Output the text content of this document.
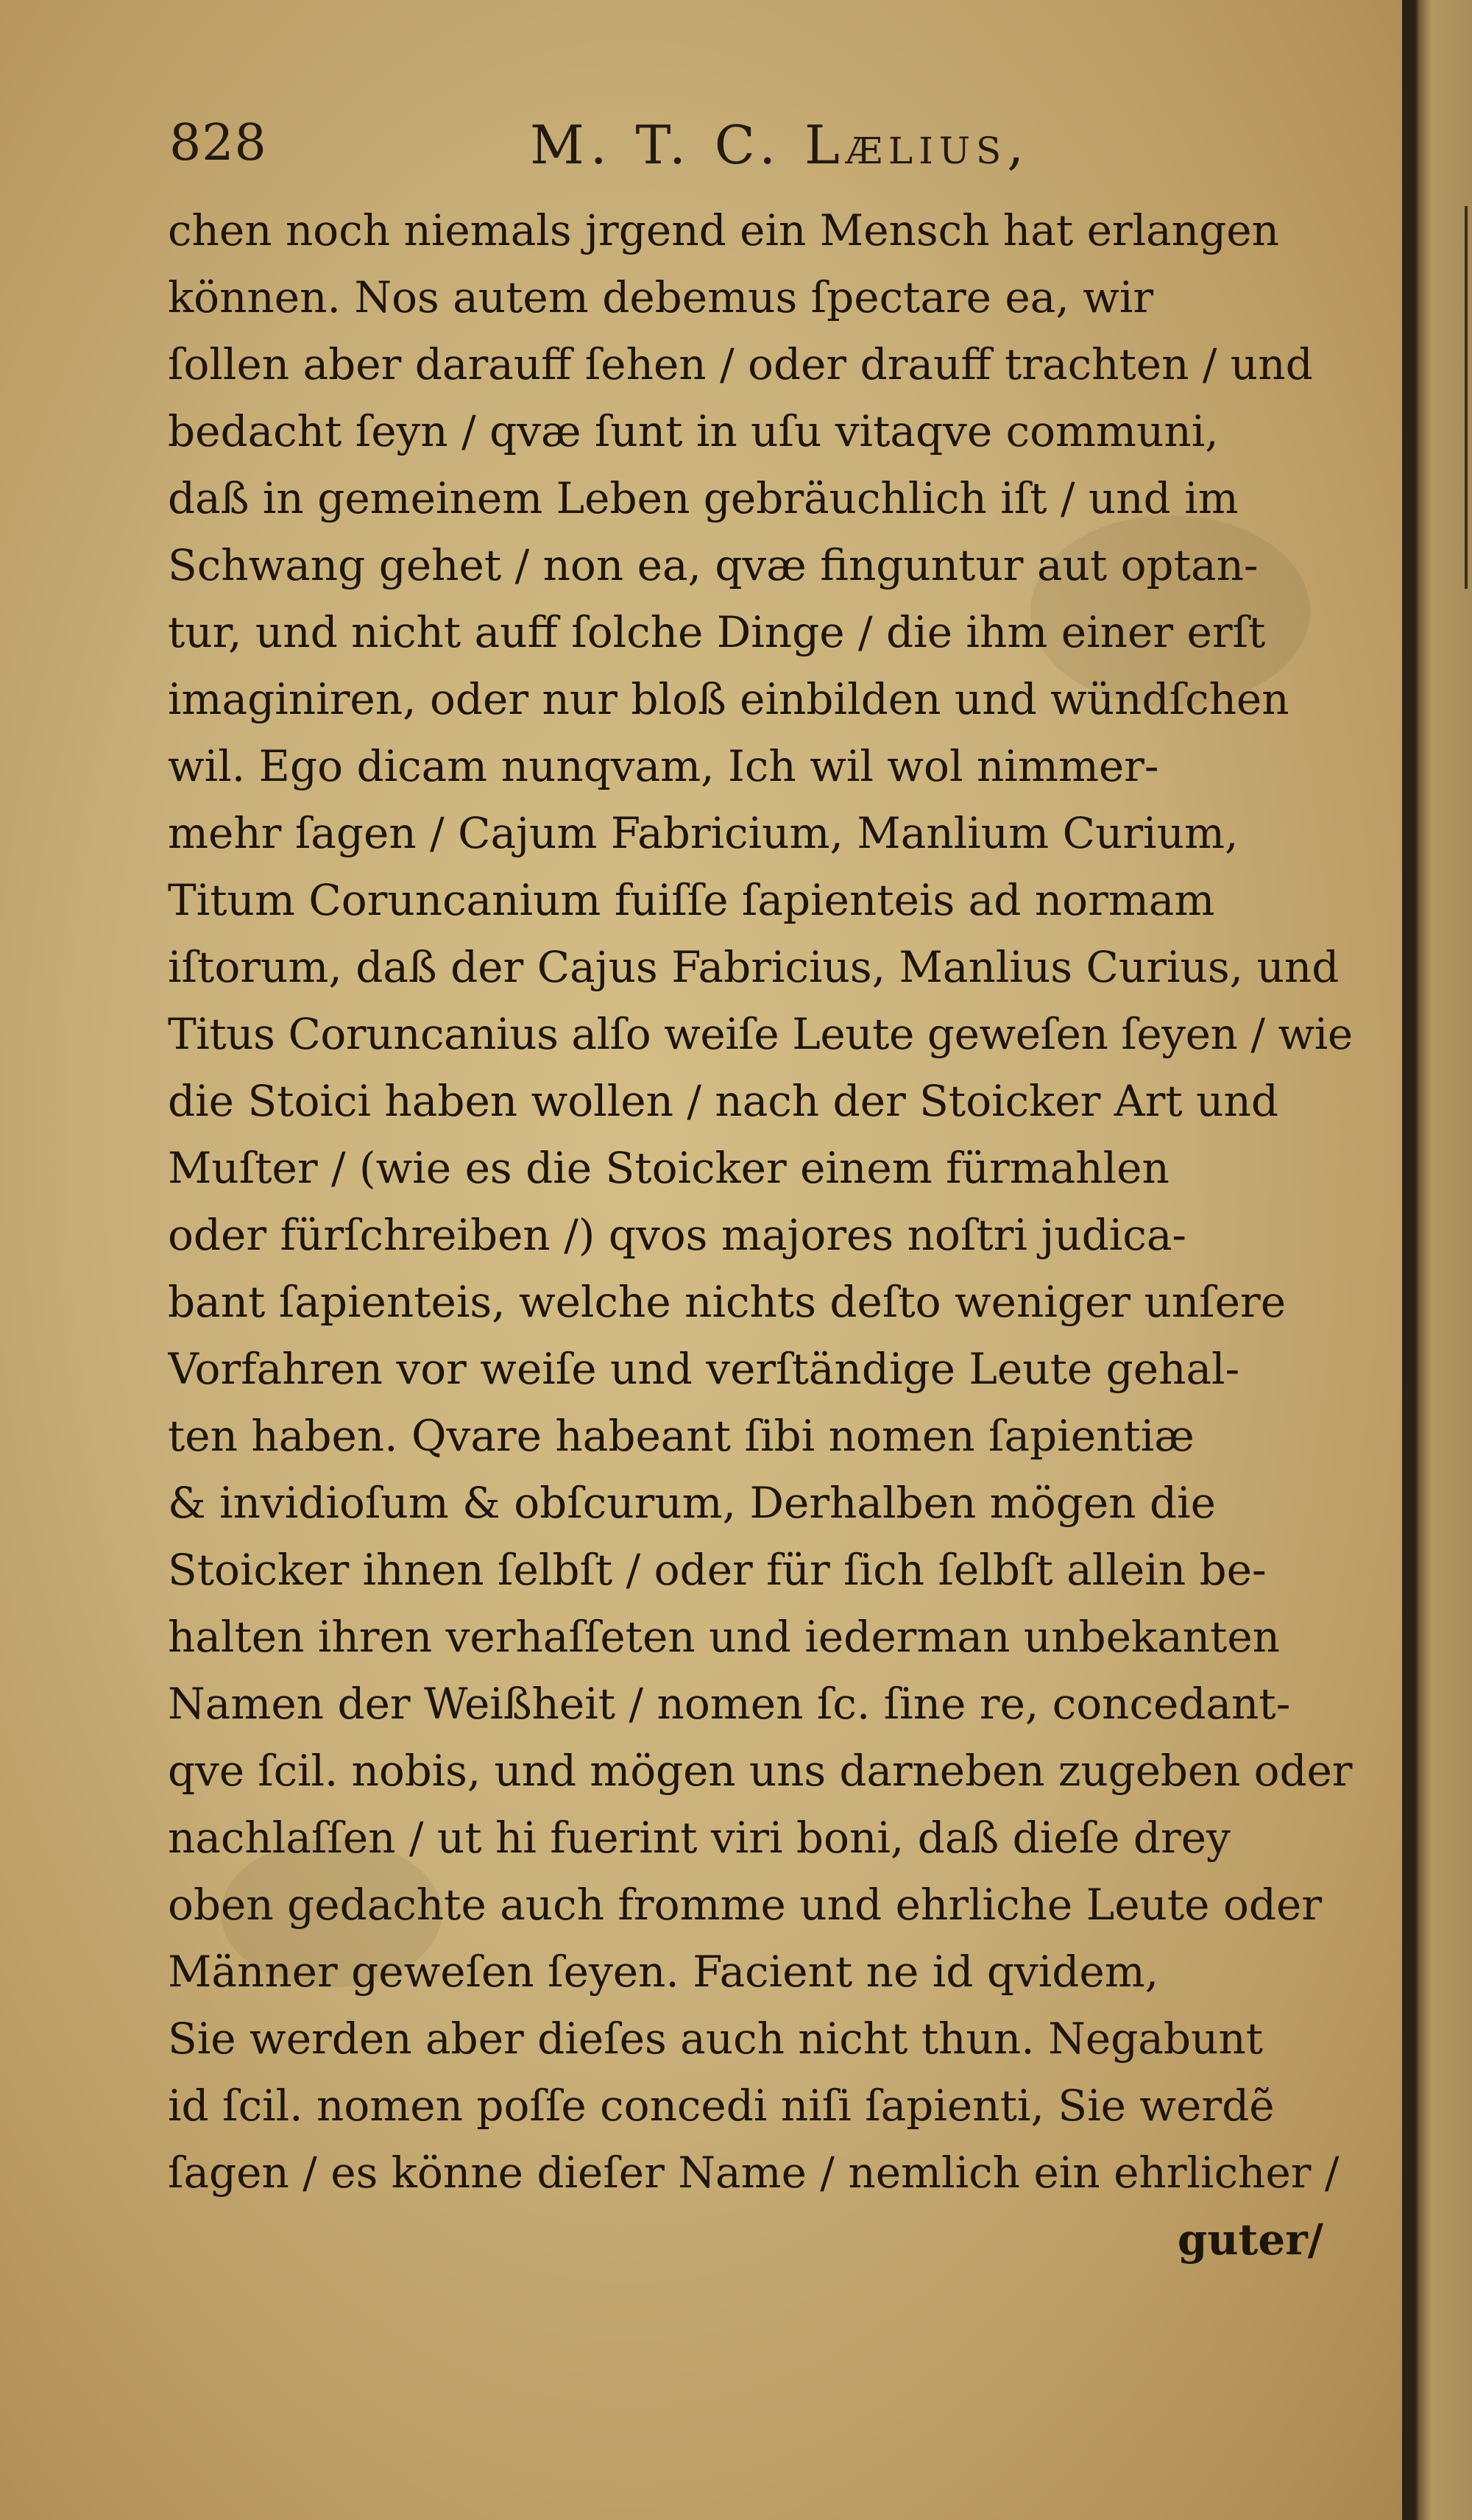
828	M. T. C. Lælius,
chen noch niemals jrgend ein Mensch hat erlangen
können. Nos autem debemus ſpectare ea, wir
ſollen aber darauff ſehen / oder drauff trachten / und
bedacht ſeyn / qvæ ſunt in uſu vitaqve communi,
daß in gemeinem Leben gebräuchlich iſt / und im
Schwang gehet / non ea, qvæ finguntur aut optan-
tur, und nicht auff ſolche Dinge / die ihm einer erſt
imaginiren, oder nur bloß einbilden und wündſchen
wil. Ego dicam nunqvam, Ich wil wol nimmer-
mehr ſagen / Cajum Fabricium, Manlium Curium,
Titum Coruncanium fuiſſe ſapienteis ad normam
iſtorum, daß der Cajus Fabricius, Manlius Curius, und
Titus Coruncanius alſo weiſe Leute geweſen ſeyen / wie
die Stoici haben wollen / nach der Stoicker Art und
Muſter / (wie es die Stoicker einem fürmahlen
oder fürſchreiben /) qvos majores noſtri judica-
bant ſapienteis, welche nichts deſto weniger unſere
Vorfahren vor weiſe und verſtändige Leute gehal-
ten haben. Qvare habeant ſibi nomen ſapientiæ
& invidioſum & obſcurum, Derhalben mögen die
Stoicker ihnen ſelbſt / oder für ſich ſelbſt allein be-
halten ihren verhaſſeten und iederman unbekanten
Namen der Weißheit / nomen ſc. ſine re, concedant-
qve ſcil. nobis, und mögen uns darneben zugeben oder
nachlaſſen / ut hi fuerint viri boni, daß dieſe drey
oben gedachte auch fromme und ehrliche Leute oder
Männer geweſen ſeyen. Facient ne id qvidem,
Sie werden aber dieſes auch nicht thun. Negabunt
id ſcil. nomen poſſe concedi niſi ſapienti, Sie werdẽ
ſagen / es könne dieſer Name / nemlich ein ehrlicher /
guter/
